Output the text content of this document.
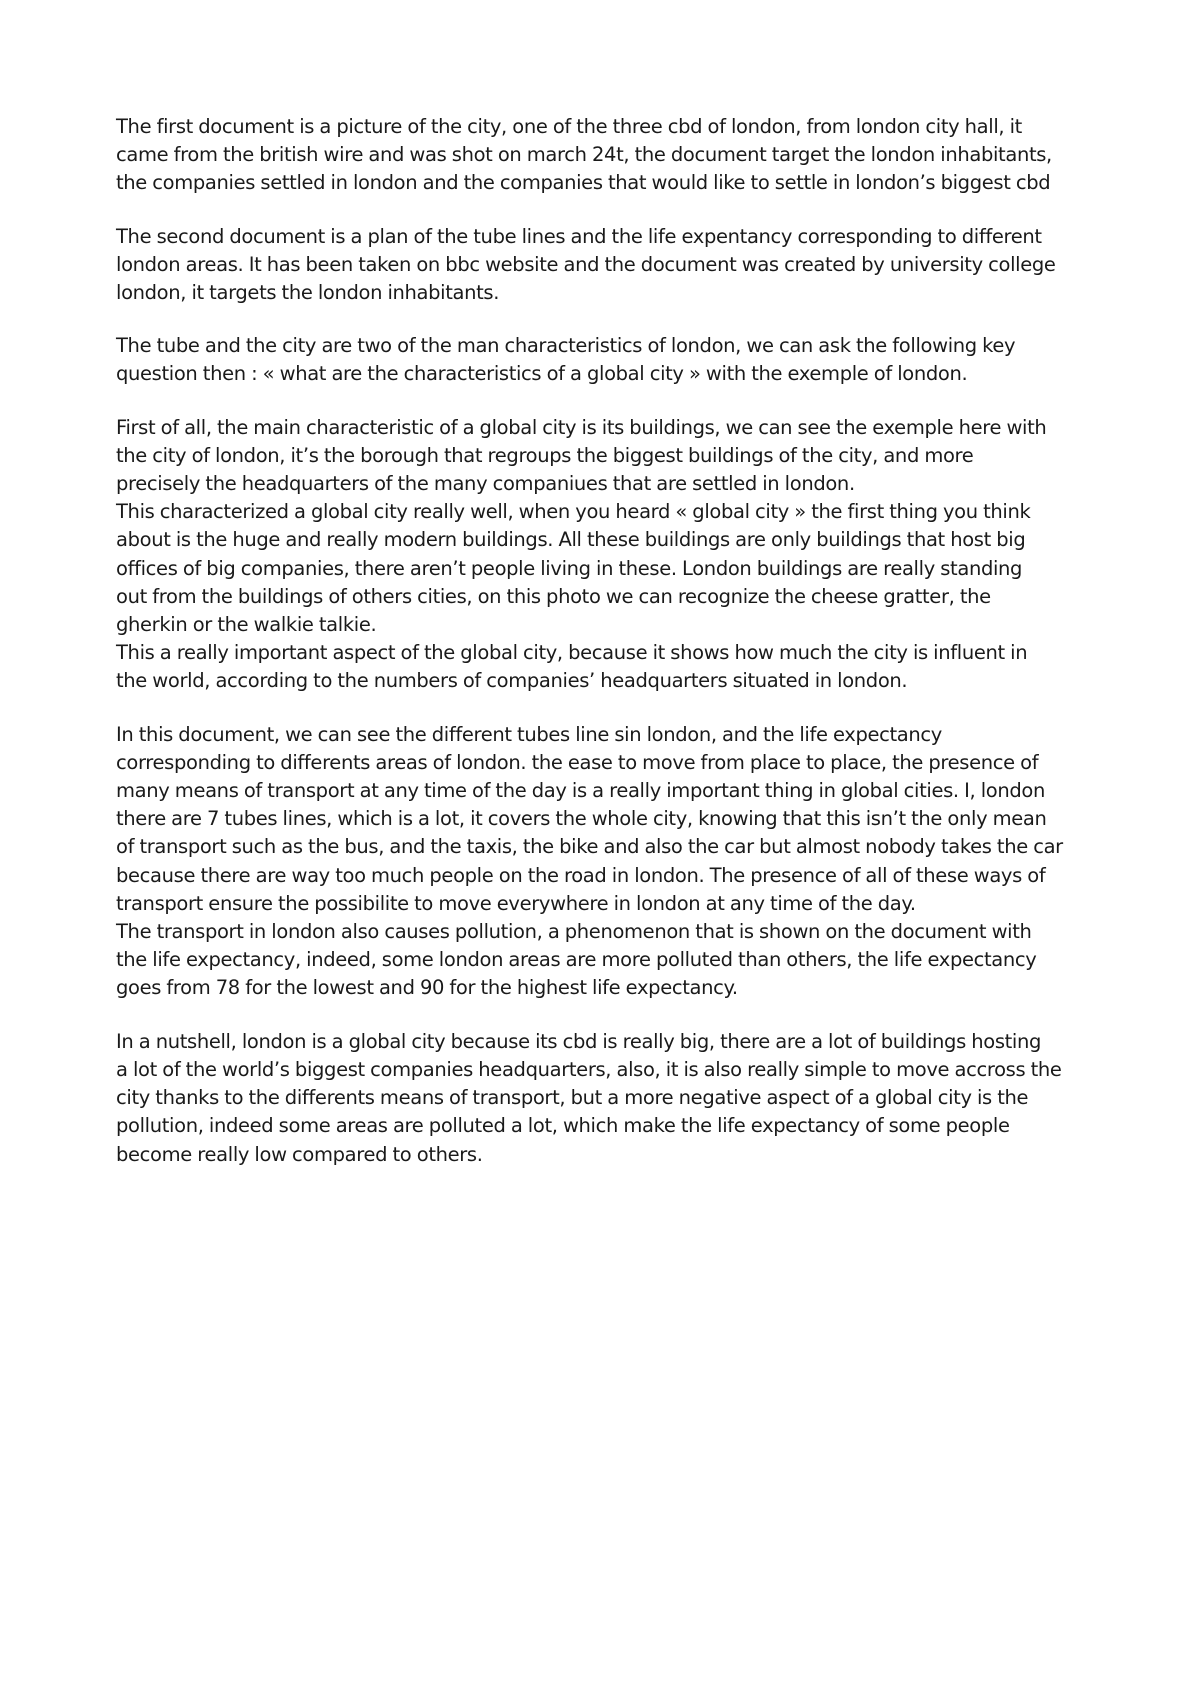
The first document is a picture of the city, one of the three cbd of london, from london city hall, it
came from the british wire and was shot on march 24t, the document target the london inhabitants,
the companies settled in london and the companies that would like to settle in london’s biggest cbd

The second document is a plan of the tube lines and the life expentancy corresponding to different
london areas. It has been taken on bbc website and the document was created by university college
london, it targets the london inhabitants.

The tube and the city are two of the man characteristics of london, we can ask the following key
question then : « what are the characteristics of a global city » with the exemple of london.

First of all, the main characteristic of a global city is its buildings, we can see the exemple here with
the city of london, it’s the borough that regroups the biggest buildings of the city, and more
precisely the headquarters of the many companiues that are settled in london.
This characterized a global city really well, when you heard « global city » the first thing you think
about is the huge and really modern buildings. All these buildings are only buildings that host big
offices of big companies, there aren’t people living in these. London buildings are really standing
out from the buildings of others cities, on this photo we can recognize the cheese gratter, the
gherkin or the walkie talkie.
This a really important aspect of the global city, because it shows how much the city is influent in
the world, according to the numbers of companies’ headquarters situated in london.

In this document, we can see the different tubes line sin london, and the life expectancy
corresponding to differents areas of london. the ease to move from place to place, the presence of
many means of transport at any time of the day is a really important thing in global cities. I, london
there are 7 tubes lines, which is a lot, it covers the whole city, knowing that this isn’t the only mean
of transport such as the bus, and the taxis, the bike and also the car but almost nobody takes the car
because there are way too much people on the road in london. The presence of all of these ways of
transport ensure the possibilite to move everywhere in london at any time of the day.
The transport in london also causes pollution, a phenomenon that is shown on the document with
the life expectancy, indeed, some london areas are more polluted than others, the life expectancy
goes from 78 for the lowest and 90 for the highest life expectancy.

In a nutshell, london is a global city because its cbd is really big, there are a lot of buildings hosting
a lot of the world’s biggest companies headquarters, also, it is also really simple to move accross the
city thanks to the differents means of transport, but a more negative aspect of a global city is the
pollution, indeed some areas are polluted a lot, which make the life expectancy of some people
become really low compared to others.
